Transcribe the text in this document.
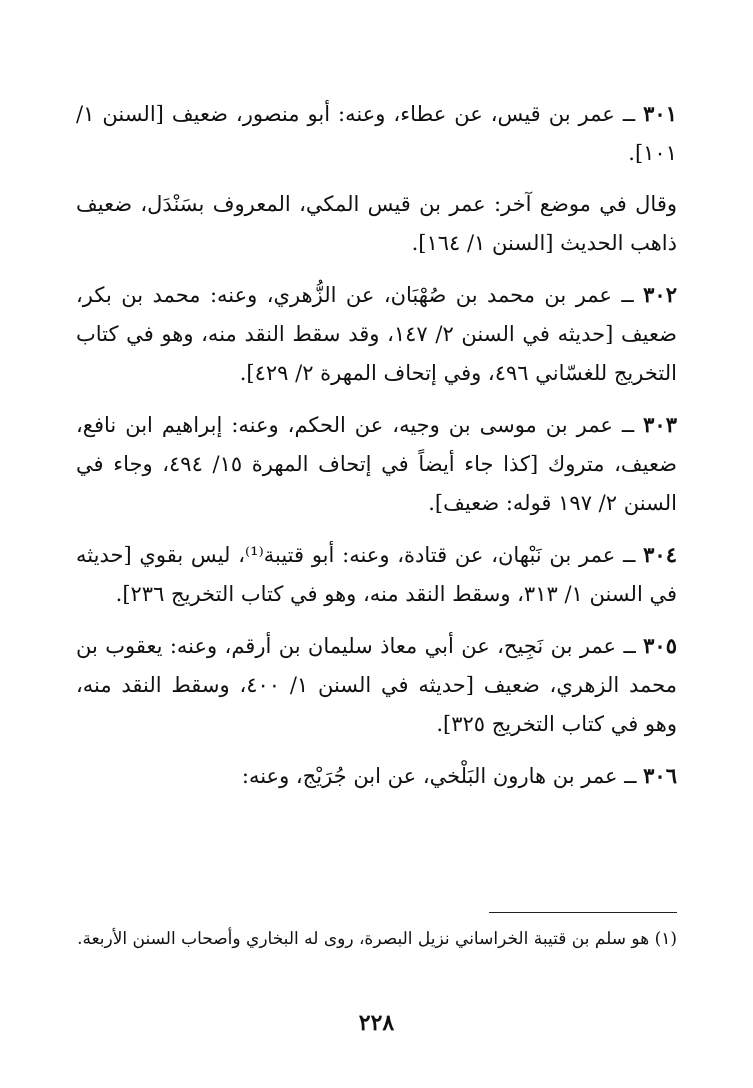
٣٠١ ــ عمر بن قيس، عن عطاء، وعنه: أبو منصور، ضعيف [السنن ١/ ١٠١].

وقال في موضع آخر: عمر بن قيس المكي، المعروف بسَنْدَل، ضعيف ذاهب الحديث [السنن ١/ ١٦٤].

٣٠٢ ــ عمر بن محمد بن صُهْبَان، عن الزُّهري، وعنه: محمد بن بكر، ضعيف [حديثه في السنن ٢/ ١٤٧، وقد سقط النقد منه، وهو في كتاب التخريج للغسّاني ٤٩٦، وفي إتحاف المهرة ٢/ ٤٢٩].

٣٠٣ ــ عمر بن موسى بن وجيه، عن الحكم، وعنه: إبراهيم ابن نافع، ضعيف، متروك [كذا جاء أيضاً في إتحاف المهرة ١٥/ ٤٩٤، وجاء في السنن ٢/ ١٩٧ قوله: ضعيف].

٣٠٤ ــ عمر بن نَبْهان، عن قتادة، وعنه: أبو قتيبة⁽¹⁾، ليس بقوي [حديثه في السنن ١/ ٣١٣، وسقط النقد منه، وهو في كتاب التخريج ٢٣٦].

٣٠٥ ــ عمر بن نَجِيح، عن أبي معاذ سليمان بن أرقم، وعنه: يعقوب بن محمد الزهري، ضعيف [حديثه في السنن ١/ ٤٠٠، وسقط النقد منه، وهو في كتاب التخريج ٣٢٥].

٣٠٦ ــ عمر بن هارون البَلْخي، عن ابن جُرَيْج، وعنه:

(١) هو سلم بن قتيبة الخراساني نزيل البصرة، روى له البخاري وأصحاب السنن الأربعة.

٢٢٨
